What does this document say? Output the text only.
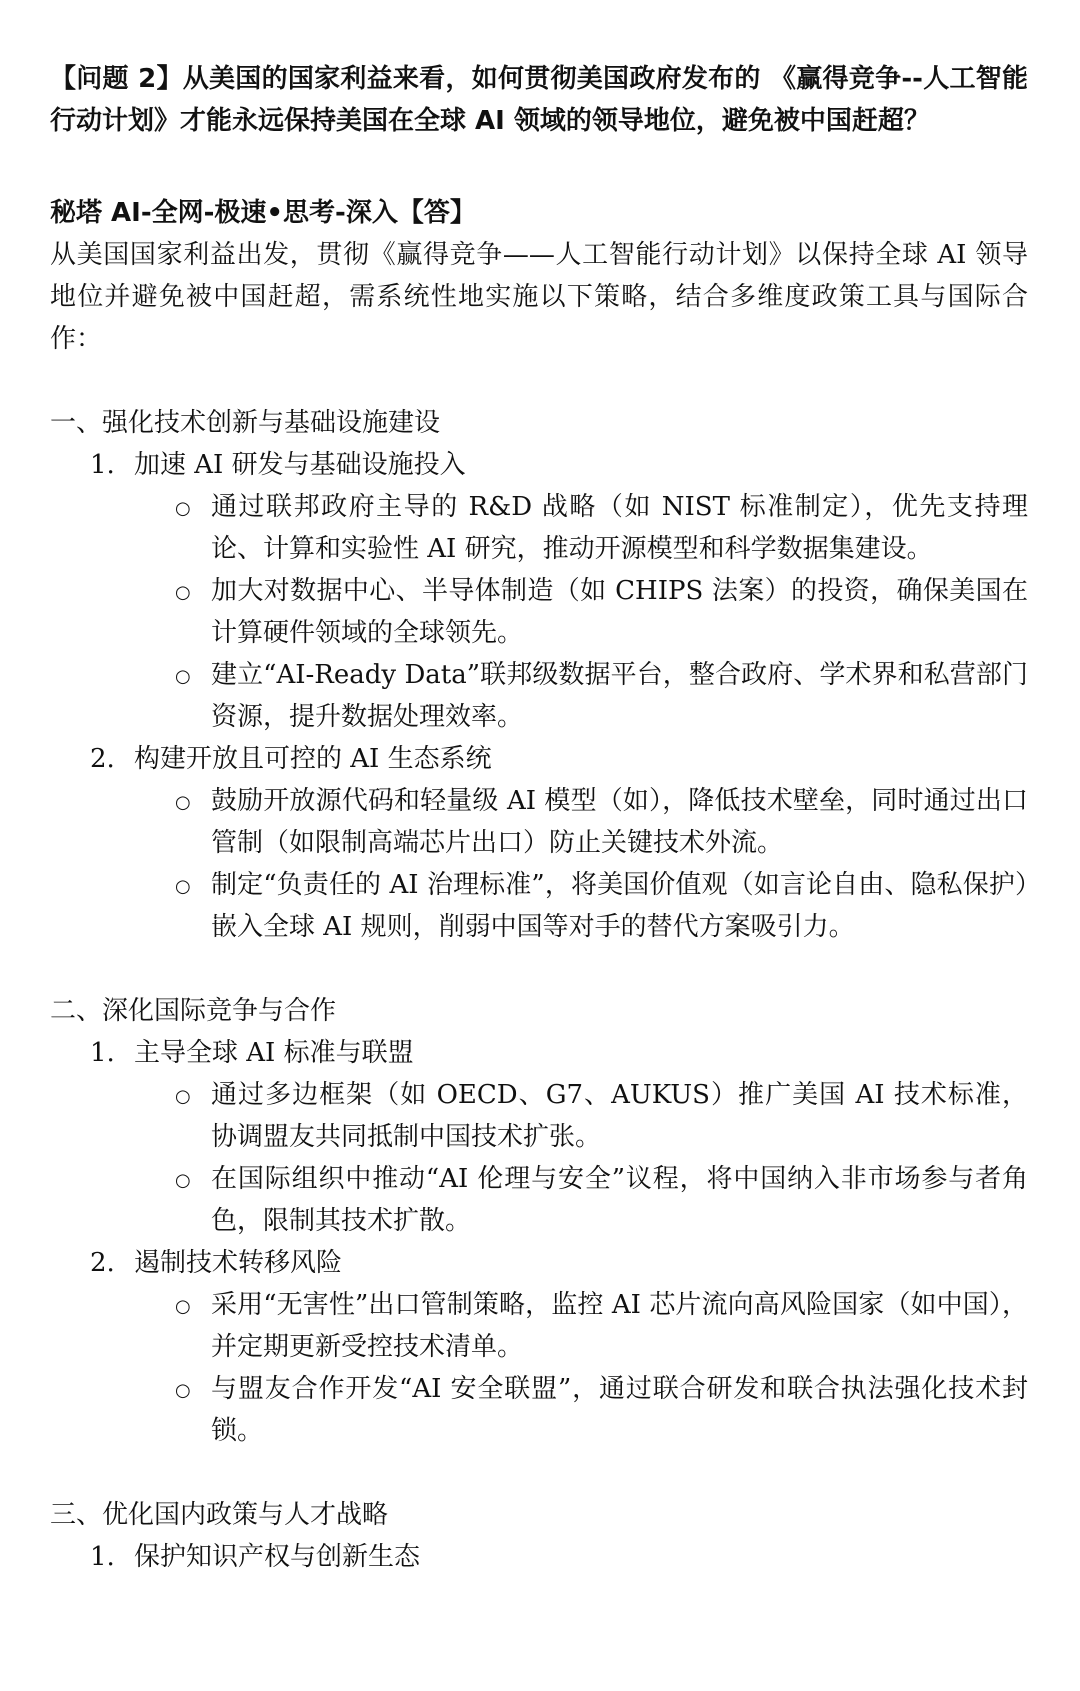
【问题 2】从美国的国家利益来看，如何贯彻美国政府发布的 《赢得竞争--人工智能行动计划》才能永远保持美国在全球 AI 领域的领导地位，避免被中国赶超？

秘塔 AI-全网-极速•思考-深入【答】

从美国国家利益出发，贯彻《赢得竞争——人工智能行动计划》以保持全球 AI 领导地位并避免被中国赶超，需系统性地实施以下策略，结合多维度政策工具与国际合作：

一、强化技术创新与基础设施建设

1. 加速 AI 研发与基础设施投入

○ 通过联邦政府主导的 R&D 战略（如 NIST 标准制定），优先支持理论、计算和实验性 AI 研究，推动开源模型和科学数据集建设。
○ 加大对数据中心、半导体制造（如 CHIPS 法案）的投资，确保美国在计算硬件领域的全球领先。
○ 建立“AI-Ready Data”联邦级数据平台，整合政府、学术界和私营部门资源，提升数据处理效率。

2. 构建开放且可控的 AI 生态系统

○ 鼓励开放源代码和轻量级 AI 模型（如），降低技术壁垒，同时通过出口管制（如限制高端芯片出口）防止关键技术外流。
○ 制定“负责任的 AI 治理标准”，将美国价值观（如言论自由、隐私保护）嵌入全球 AI 规则，削弱中国等对手的替代方案吸引力。

二、深化国际竞争与合作

1. 主导全球 AI 标准与联盟

○ 通过多边框架（如 OECD、G7、AUKUS）推广美国 AI 技术标准，协调盟友共同抵制中国技术扩张。
○ 在国际组织中推动“AI 伦理与安全”议程，将中国纳入非市场参与者角色，限制其技术扩散。

2. 遏制技术转移风险

○ 采用“无害性”出口管制策略，监控 AI 芯片流向高风险国家（如中国），并定期更新受控技术清单。
○ 与盟友合作开发“AI 安全联盟”，通过联合研发和联合执法强化技术封锁。

三、优化国内政策与人才战略

1. 保护知识产权与创新生态
